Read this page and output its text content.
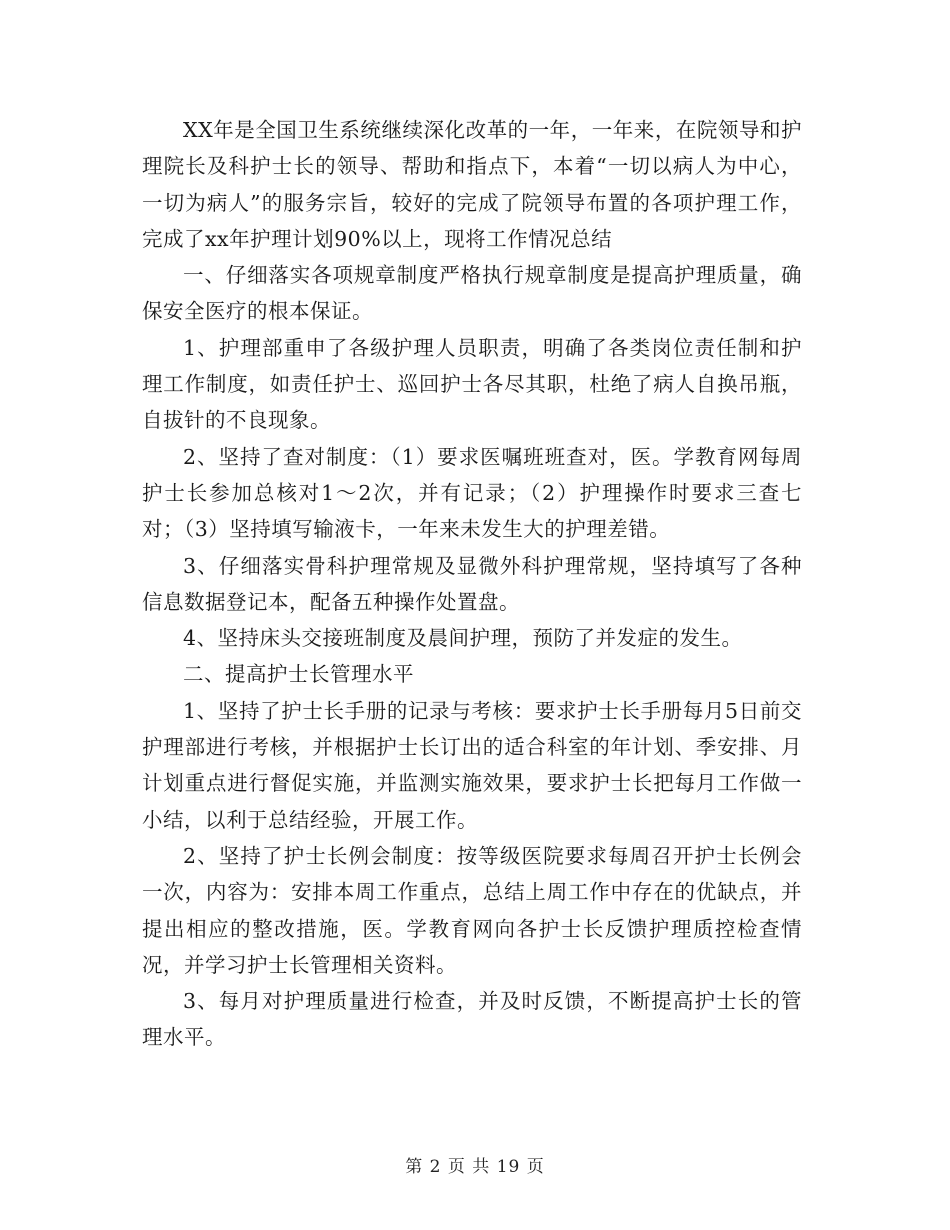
XX年是全国卫生系统继续深化改革的一年，一年来，在院领导和护理院长及科护士长的领导、帮助和指点下，本着“一切以病人为中心，一切为病人”的服务宗旨，较好的完成了院领导布置的各项护理工作，完成了xx年护理计划90%以上，现将工作情况总结

一、仔细落实各项规章制度严格执行规章制度是提高护理质量，确保安全医疗的根本保证。

1、护理部重申了各级护理人员职责，明确了各类岗位责任制和护理工作制度，如责任护士、巡回护士各尽其职，杜绝了病人自换吊瓶，自拔针的不良现象。

2、坚持了查对制度：（1）要求医嘱班班查对，医。学教育网每周护士长参加总核对1～2次，并有记录；（2）护理操作时要求三查七对；（3）坚持填写输液卡，一年来未发生大的护理差错。

3、仔细落实骨科护理常规及显微外科护理常规，坚持填写了各种信息数据登记本，配备五种操作处置盘。

4、坚持床头交接班制度及晨间护理，预防了并发症的发生。

二、提高护士长管理水平

1、坚持了护士长手册的记录与考核：要求护士长手册每月5日前交护理部进行考核，并根据护士长订出的适合科室的年计划、季安排、月计划重点进行督促实施，并监测实施效果，要求护士长把每月工作做一小结，以利于总结经验，开展工作。

2、坚持了护士长例会制度：按等级医院要求每周召开护士长例会一次，内容为：安排本周工作重点，总结上周工作中存在的优缺点，并提出相应的整改措施，医。学教育网向各护士长反馈护理质控检查情况，并学习护士长管理相关资料。

3、每月对护理质量进行检查，并及时反馈，不断提高护士长的管理水平。

第 2 页 共 19 页
